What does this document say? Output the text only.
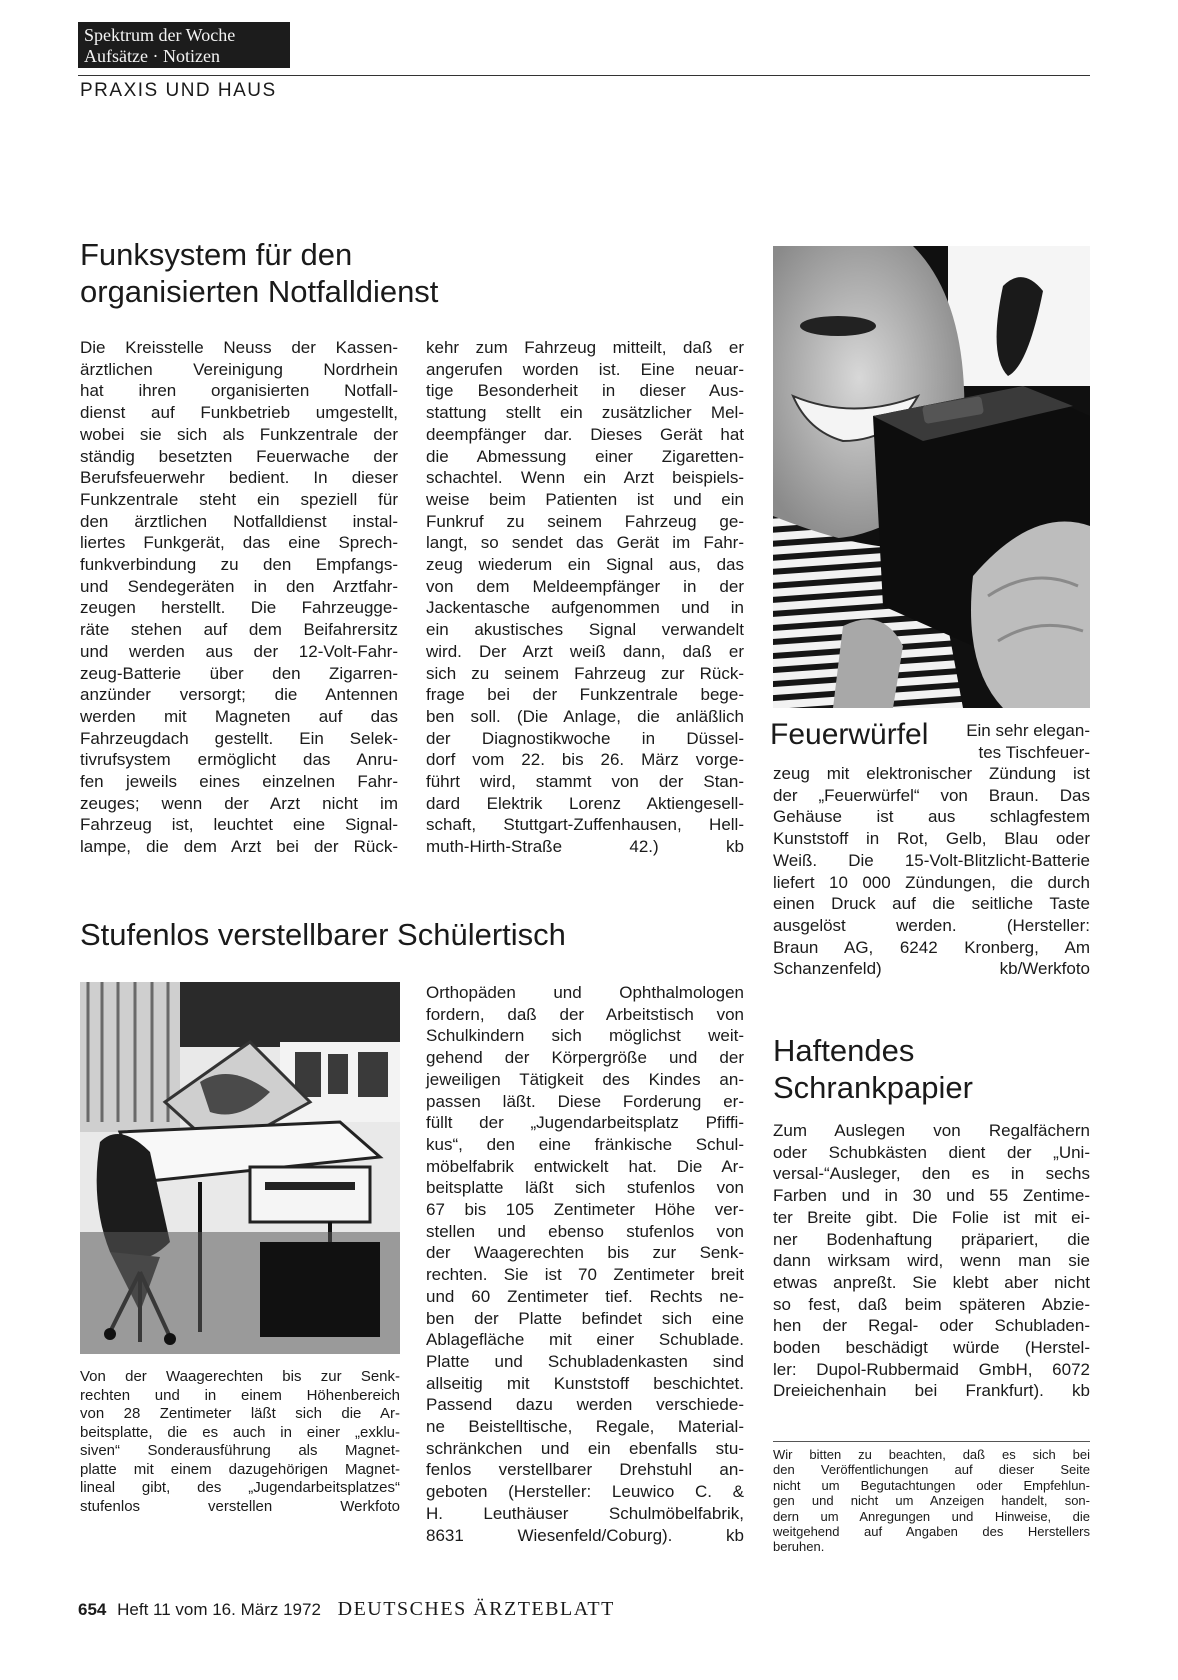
Spektrum der Woche
Aufsätze · Notizen
PRAXIS UND HAUS
Funksystem für den
organisierten Notfalldienst
Die Kreisstelle Neuss der Kassen-
ärztlichen Vereinigung Nordrhein
hat ihren organisierten Notfall-
dienst auf Funkbetrieb umgestellt,
wobei sie sich als Funkzentrale der
ständig besetzten Feuerwache der
Berufsfeuerwehr bedient. In dieser
Funkzentrale steht ein speziell für
den ärztlichen Notfalldienst instal-
liertes Funkgerät, das eine Sprech-
funkverbindung zu den Empfangs-
und Sendegeräten in den Arztfahr-
zeugen herstellt. Die Fahrzeugge-
räte stehen auf dem Beifahrersitz
und werden aus der 12-Volt-Fahr-
zeug-Batterie über den Zigarren-
anzünder versorgt; die Antennen
werden mit Magneten auf das
Fahrzeugdach gestellt. Ein Selek-
tivrufsystem ermöglicht das Anru-
fen jeweils eines einzelnen Fahr-
zeuges; wenn der Arzt nicht im
Fahrzeug ist, leuchtet eine Signal-
lampe, die dem Arzt bei der Rück-
kehr zum Fahrzeug mitteilt, daß er
angerufen worden ist. Eine neuar-
tige Besonderheit in dieser Aus-
stattung stellt ein zusätzlicher Mel-
deempfänger dar. Dieses Gerät hat
die Abmessung einer Zigaretten-
schachtel. Wenn ein Arzt beispiels-
weise beim Patienten ist und ein
Funkruf zu seinem Fahrzeug ge-
langt, so sendet das Gerät im Fahr-
zeug wiederum ein Signal aus, das
von dem Meldeempfänger in der
Jackentasche aufgenommen und in
ein akustisches Signal verwandelt
wird. Der Arzt weiß dann, daß er
sich zu seinem Fahrzeug zur Rück-
frage bei der Funkzentrale bege-
ben soll. (Die Anlage, die anläßlich
der Diagnostikwoche in Düssel-
dorf vom 22. bis 26. März vorge-
führt wird, stammt von der Stan-
dard Elektrik Lorenz Aktiengesell-
schaft, Stuttgart-Zuffenhausen, Hell-
muth-Hirth-Straße 42.) kb
Feuerwürfel	Ein sehr elegan-
tes Tischfeuer-
zeug mit elektronischer Zündung ist
der „Feuerwürfel“ von Braun. Das
Gehäuse ist aus schlagfestem
Kunststoff in Rot, Gelb, Blau oder
Weiß. Die 15-Volt-Blitzlicht-Batterie
liefert 10 000 Zündungen, die durch
einen Druck auf die seitliche Taste
ausgelöst werden. (Hersteller:
Braun AG, 6242 Kronberg, Am
Schanzenfeld) kb/Werkfoto
Stufenlos verstellbarer Schülertisch
Von der Waagerechten bis zur Senk-
rechten und in einem Höhenbereich
von 28 Zentimeter läßt sich die Ar-
beitsplatte, die es auch in einer „exklu-
siven“ Sonderausführung als Magnet-
platte mit einem dazugehörigen Magnet-
lineal gibt, des „Jugendarbeitsplatzes“
stufenlos verstellen Werkfoto
Orthopäden und Ophthalmologen
fordern, daß der Arbeitstisch von
Schulkindern sich möglichst weit-
gehend der Körpergröße und der
jeweiligen Tätigkeit des Kindes an-
passen läßt. Diese Forderung er-
füllt der „Jugendarbeitsplatz Pfiffi-
kus“, den eine fränkische Schul-
möbelfabrik entwickelt hat. Die Ar-
beitsplatte läßt sich stufenlos von
67 bis 105 Zentimeter Höhe ver-
stellen und ebenso stufenlos von
der Waagerechten bis zur Senk-
rechten. Sie ist 70 Zentimeter breit
und 60 Zentimeter tief. Rechts ne-
ben der Platte befindet sich eine
Ablagefläche mit einer Schublade.
Platte und Schubladenkasten sind
allseitig mit Kunststoff beschichtet.
Passend dazu werden verschiede-
ne Beistelltische, Regale, Material-
schränkchen und ein ebenfalls stu-
fenlos verstellbarer Drehstuhl an-
geboten (Hersteller: Leuwico C. &
H. Leuthäuser Schulmöbelfabrik,
8631 Wiesenfeld/Coburg). kb
Haftendes
Schrankpapier
Zum Auslegen von Regalfächern
oder Schubkästen dient der „Uni-
versal-“Ausleger, den es in sechs
Farben und in 30 und 55 Zentime-
ter Breite gibt. Die Folie ist mit ei-
ner Bodenhaftung präpariert, die
dann wirksam wird, wenn man sie
etwas anpreßt. Sie klebt aber nicht
so fest, daß beim späteren Abzie-
hen der Regal- oder Schubladen-
boden beschädigt würde (Herstel-
ler: Dupol-Rubbermaid GmbH, 6072
Dreieichenhain bei Frankfurt). kb
Wir bitten zu beachten, daß es sich bei
den Veröffentlichungen auf dieser Seite
nicht um Begutachtungen oder Empfehlun-
gen und nicht um Anzeigen handelt, son-
dern um Anregungen und Hinweise, die
weitgehend auf Angaben des Herstellers
beruhen.
654 Heft 11 vom 16. März 1972 DEUTSCHES ÄRZTEBLATT
